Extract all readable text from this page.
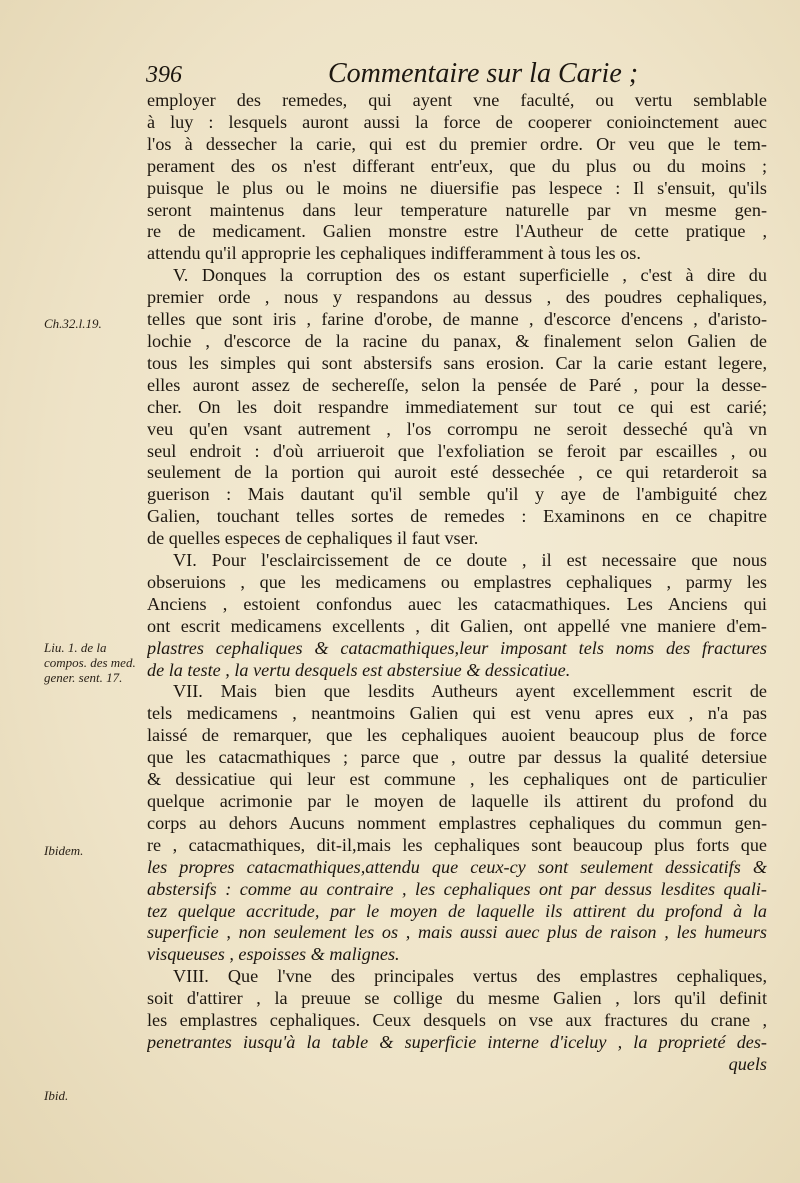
396	Commentaire sur la Carie ;
employer des remedes, qui ayent vne faculté, ou vertu semblable
à luy : lesquels auront aussi la force de cooperer conioinctement auec
l'os à dessecher la carie, qui est du premier ordre. Or veu que le tem-
perament des os n'est differant entr'eux, que du plus ou du moins ;
puisque le plus ou le moins ne diuersifie pas lespece : Il s'ensuit, qu'ils
seront maintenus dans leur temperature naturelle par vn mesme gen-
re de medicament. Galien monstre estre l'Autheur de cette pratique ,
attendu qu'il approprie les cephaliques indifferamment à tous les os.
V. Donques la corruption des os estant superficielle , c'est à dire du
premier orde , nous y respandons au dessus , des poudres cephaliques,
telles que sont iris , farine d'orobe, de manne , d'escorce d'encens , d'aristo-
lochie , d'escorce de la racine du panax, & finalement selon Galien de
tous les simples qui sont abstersifs sans erosion. Car la carie estant legere,
elles auront assez de sechereſſe, selon la pensée de Paré , pour la desse-
cher. On les doit respandre immediatement sur tout ce qui est carié;
veu qu'en vsant autrement , l'os corrompu ne seroit desseché qu'à vn
seul endroit : d'où arriueroit que l'exfoliation se feroit par escailles , ou
seulement de la portion qui auroit esté dessechée , ce qui retarderoit sa
guerison : Mais dautant qu'il semble qu'il y aye de l'ambiguité chez
Galien, touchant telles sortes de remedes : Examinons en ce chapitre
de quelles especes de cephaliques il faut vser.
VI. Pour l'esclaircissement de ce doute , il est necessaire que nous
obseruions , que les medicamens ou emplastres cephaliques , parmy les
Anciens , estoient confondus auec les catacmathiques. Les Anciens qui
ont escrit medicamens excellents , dit Galien, ont appellé vne maniere d'em-
plastres cephaliques & catacmathiques,leur imposant tels noms des fractures
de la teste , la vertu desquels est abstersiue & dessicatiue.
VII. Mais bien que lesdits Autheurs ayent excellemment escrit de
tels medicamens , neantmoins Galien qui est venu apres eux , n'a pas
laissé de remarquer, que les cephaliques auoient beaucoup plus de force
que les catacmathiques ; parce que , outre par dessus la qualité detersiue
& dessicatiue qui leur est commune , les cephaliques ont de particulier
quelque acrimonie par le moyen de laquelle ils attirent du profond du
corps au dehors Aucuns nomment emplastres cephaliques du commun gen-
re , catacmathiques, dit-il,mais les cephaliques sont beaucoup plus forts que
les propres catacmathiques,attendu que ceux-cy sont seulement dessicatifs &
abstersifs : comme au contraire , les cephaliques ont par dessus lesdites quali-
tez quelque accritude, par le moyen de laquelle ils attirent du profond à la
superficie , non seulement les os , mais aussi auec plus de raison , les humeurs
visqueuses , espoisses & malignes.
VIII. Que l'vne des principales vertus des emplastres cephaliques,
soit d'attirer , la preuue se collige du mesme Galien , lors qu'il definit
les emplastres cephaliques. Ceux desquels on vse aux fractures du crane ,
penetrantes iusqu'à la table & superficie interne d'iceluy , la proprieté des-
quels
Ch.32.l.19.
Liu. 1. de la compos. des med. gener. sent. 17.
Ibidem.
Ibid.
